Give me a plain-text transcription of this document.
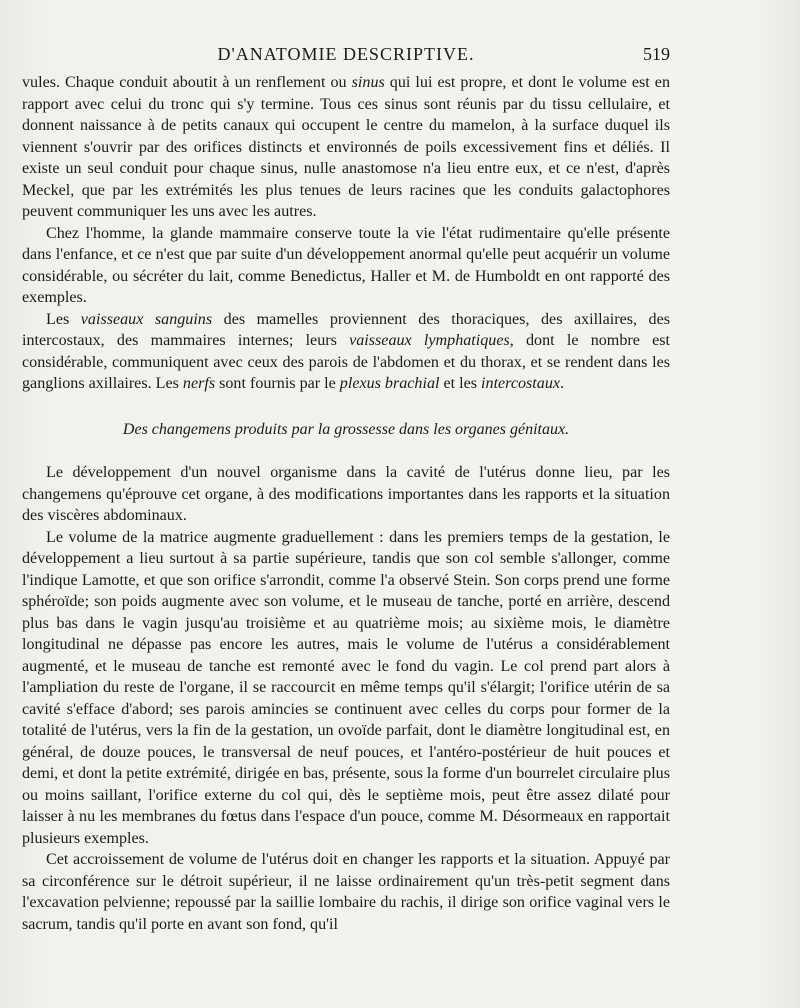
D'ANATOMIE DESCRIPTIVE.	519

vules. Chaque conduit aboutit à un renflement ou sinus qui lui est propre, et dont le volume est en rapport avec celui du tronc qui s'y termine. Tous ces sinus sont réunis par du tissu cellulaire, et donnent naissance à de petits canaux qui occupent le centre du mamelon, à la surface duquel ils viennent s'ouvrir par des orifices distincts et environnés de poils excessivement fins et déliés. Il existe un seul conduit pour chaque sinus, nulle anastomose n'a lieu entre eux, et ce n'est, d'après Meckel, que par les extrémités les plus tenues de leurs racines que les conduits galactophores peuvent communiquer les uns avec les autres.

Chez l'homme, la glande mammaire conserve toute la vie l'état rudimentaire qu'elle présente dans l'enfance, et ce n'est que par suite d'un développement anormal qu'elle peut acquérir un volume considérable, ou sécréter du lait, comme Benedictus, Haller et M. de Humboldt en ont rapporté des exemples.

Les vaisseaux sanguins des mamelles proviennent des thoraciques, des axillaires, des intercostaux, des mammaires internes; leurs vaisseaux lymphatiques, dont le nombre est considérable, communiquent avec ceux des parois de l'abdomen et du thorax, et se rendent dans les ganglions axillaires. Les nerfs sont fournis par le plexus brachial et les intercostaux.

Des changemens produits par la grossesse dans les organes génitaux.

Le développement d'un nouvel organisme dans la cavité de l'utérus donne lieu, par les changemens qu'éprouve cet organe, à des modifications importantes dans les rapports et la situation des viscères abdominaux.

Le volume de la matrice augmente graduellement : dans les premiers temps de la gestation, le développement a lieu surtout à sa partie supérieure, tandis que son col semble s'allonger, comme l'indique Lamotte, et que son orifice s'arrondit, comme l'a observé Stein. Son corps prend une forme sphéroïde; son poids augmente avec son volume, et le museau de tanche, porté en arrière, descend plus bas dans le vagin jusqu'au troisième et au quatrième mois; au sixième mois, le diamètre longitudinal ne dépasse pas encore les autres, mais le volume de l'utérus a considérablement augmenté, et le museau de tanche est remonté avec le fond du vagin. Le col prend part alors à l'ampliation du reste de l'organe, il se raccourcit en même temps qu'il s'élargit; l'orifice utérin de sa cavité s'efface d'abord; ses parois amincies se continuent avec celles du corps pour former de la totalité de l'utérus, vers la fin de la gestation, un ovoïde parfait, dont le diamètre longitudinal est, en général, de douze pouces, le transversal de neuf pouces, et l'antéro-postérieur de huit pouces et demi, et dont la petite extrémité, dirigée en bas, présente, sous la forme d'un bourrelet circulaire plus ou moins saillant, l'orifice externe du col qui, dès le septième mois, peut être assez dilaté pour laisser à nu les membranes du fœtus dans l'espace d'un pouce, comme M. Désormeaux en rapportait plusieurs exemples.

Cet accroissement de volume de l'utérus doit en changer les rapports et la situation. Appuyé par sa circonférence sur le détroit supérieur, il ne laisse ordinairement qu'un très-petit segment dans l'excavation pelvienne; repoussé par la saillie lombaire du rachis, il dirige son orifice vaginal vers le sacrum, tandis qu'il porte en avant son fond, qu'il
